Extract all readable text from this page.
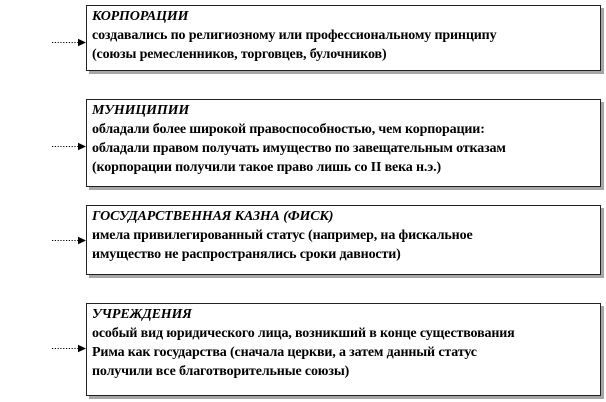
КОРПОРАЦИИ
создавались по религиозному или профессиональному принципу
(союзы ремесленников, торговцев, булочников)
МУНИЦИПИИ
обладали более широкой правоспособностью, чем корпорации:
обладали правом получать имущество по завещательным отказам
(корпорации получили такое право лишь со II века н.э.)
ГОСУДАРСТВЕННАЯ КАЗНА (ФИСК)
имела привилегированный статус (например, на фискальное
имущество не распространялись сроки давности)
УЧРЕЖДЕНИЯ
особый вид юридического лица, возникший в конце существования
Рима как государства (сначала церкви, а затем данный статус
получили все благотворительные союзы)
